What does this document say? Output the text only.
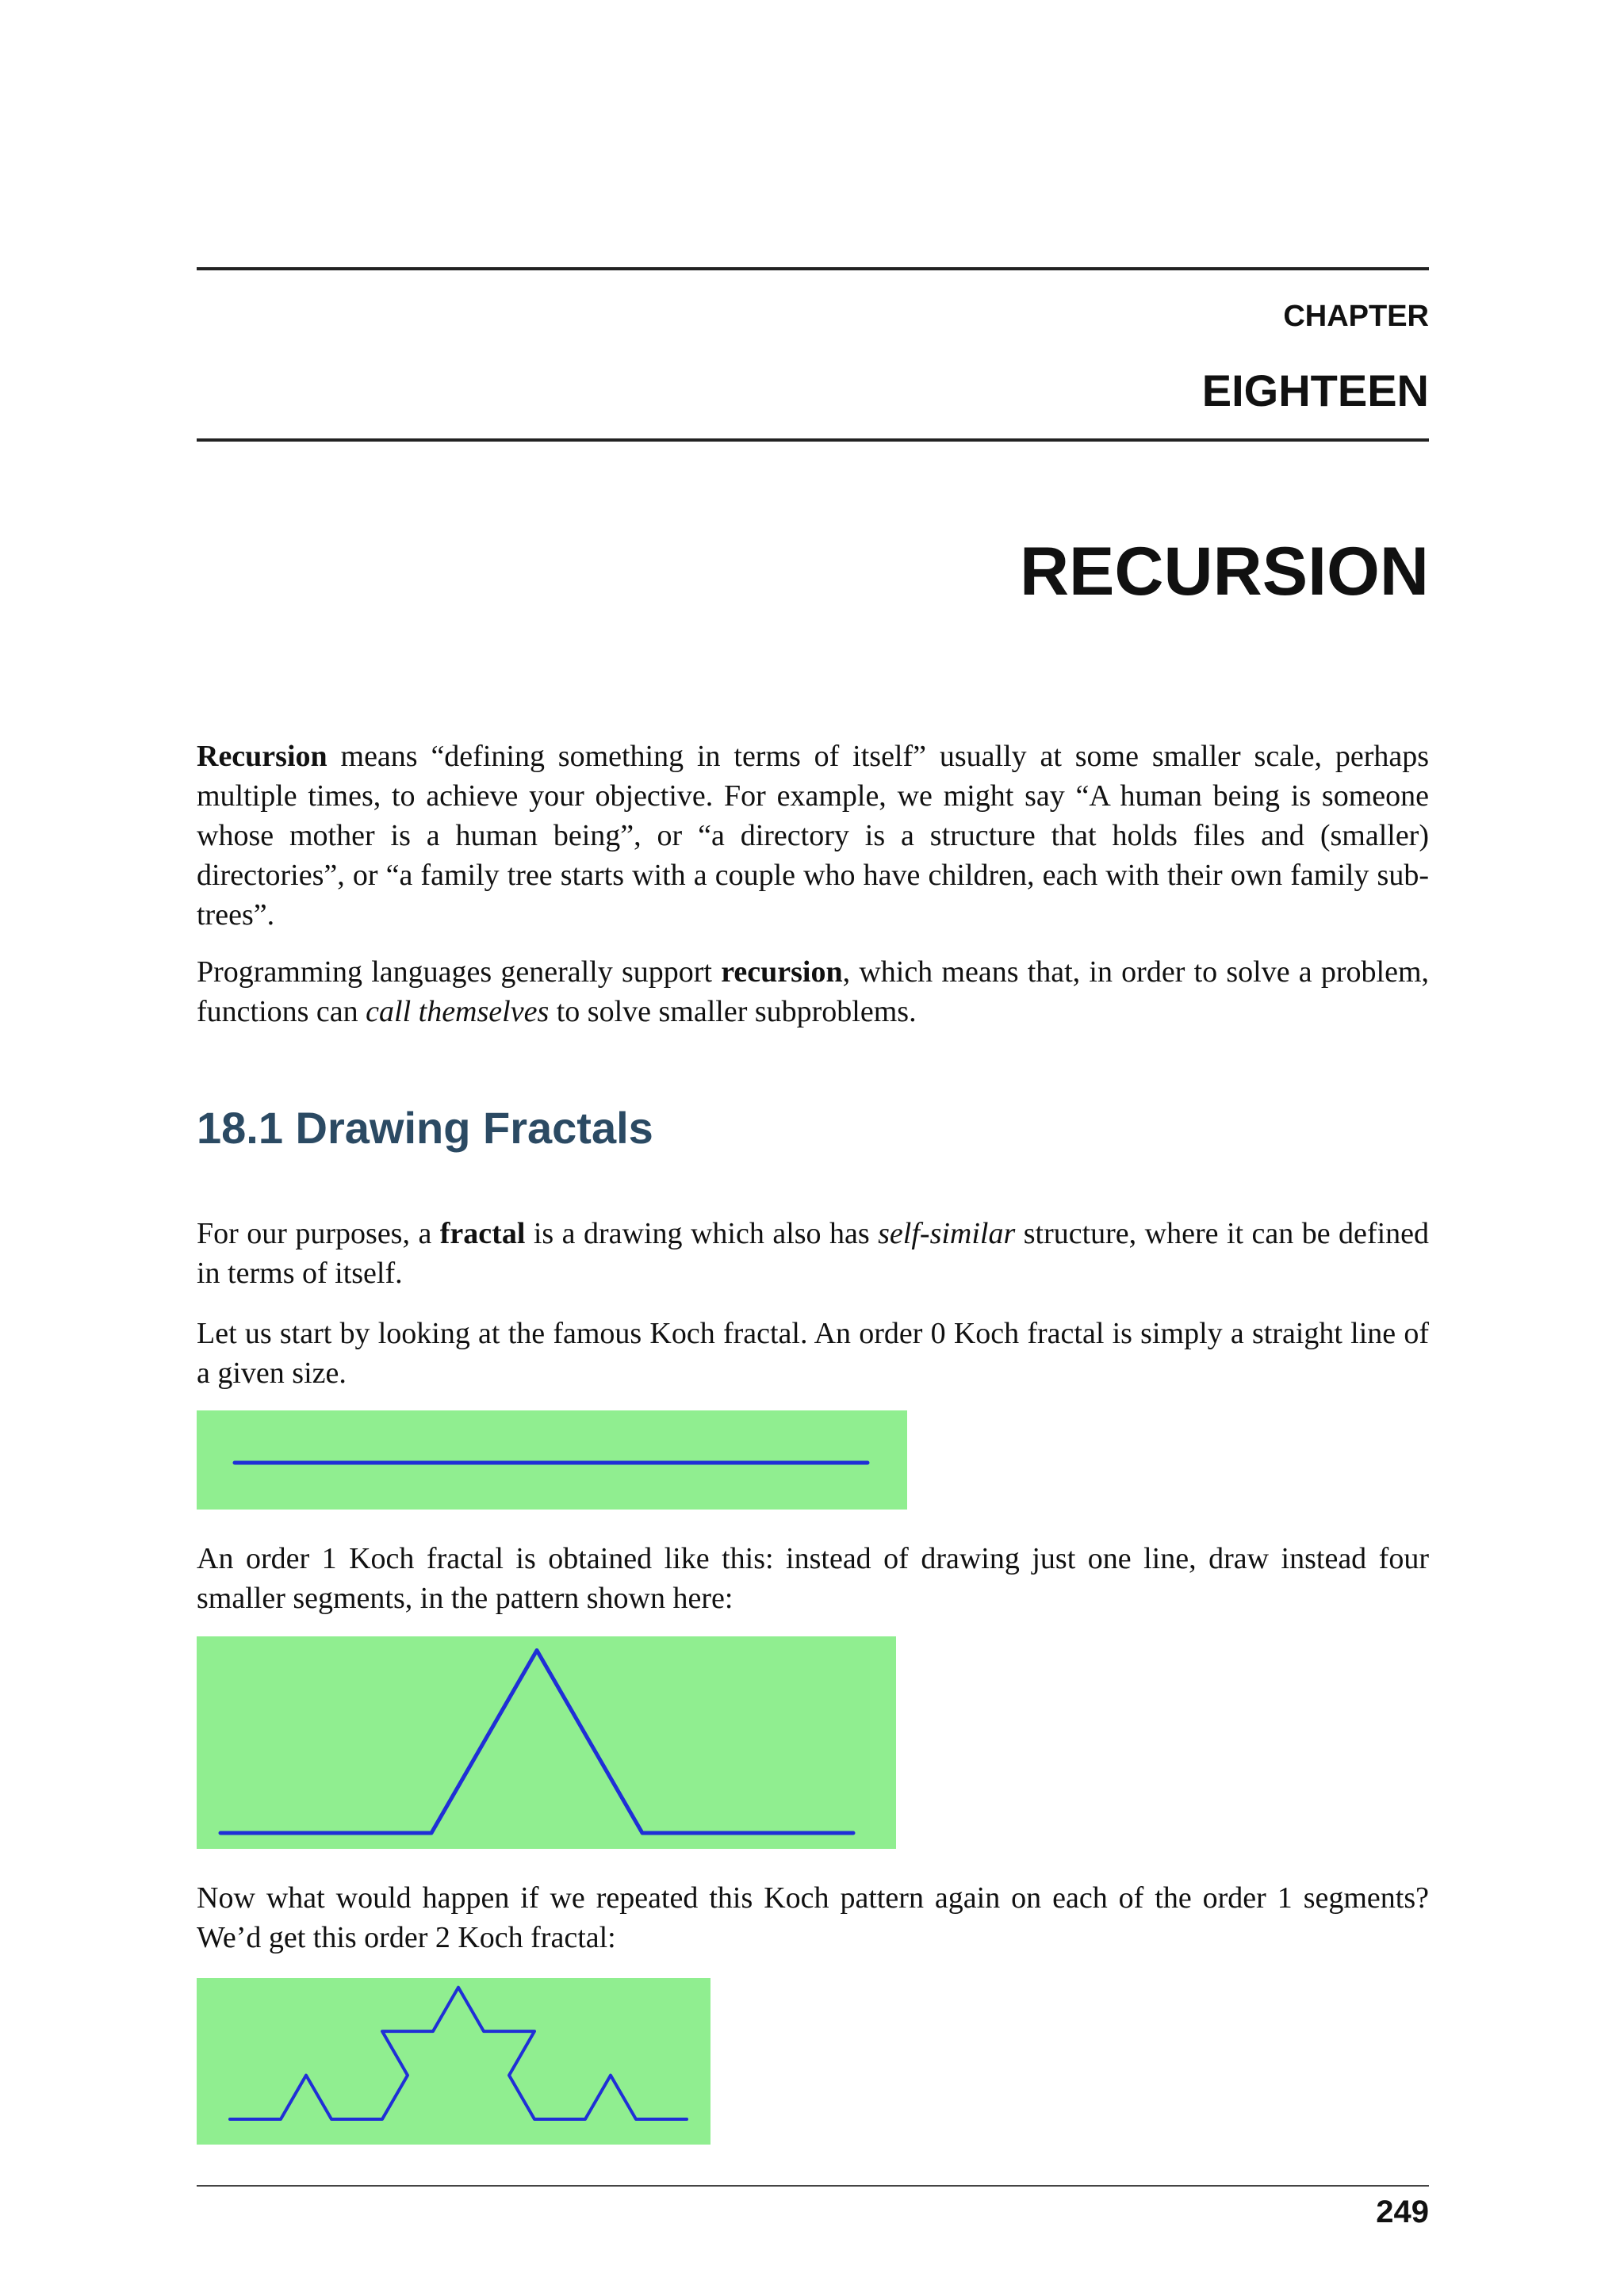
CHAPTER
EIGHTEEN
RECURSION

Recursion means “defining something in terms of itself” usually at some smaller scale, perhaps multiple times, to achieve your objective. For example, we might say “A human being is someone whose mother is a human being”, or “a directory is a structure that holds files and (smaller) directories”, or “a family tree starts with a couple who have children, each with their own family sub-trees”.

Programming languages generally support recursion, which means that, in order to solve a problem, functions can call themselves to solve smaller subproblems.

18.1 Drawing Fractals

For our purposes, a fractal is a drawing which also has self-similar structure, where it can be defined in terms of itself.

Let us start by looking at the famous Koch fractal. An order 0 Koch fractal is simply a straight line of a given size.

An order 1 Koch fractal is obtained like this: instead of drawing just one line, draw instead four smaller segments, in the pattern shown here:

Now what would happen if we repeated this Koch pattern again on each of the order 1 segments? We’d get this order 2 Koch fractal:

249
